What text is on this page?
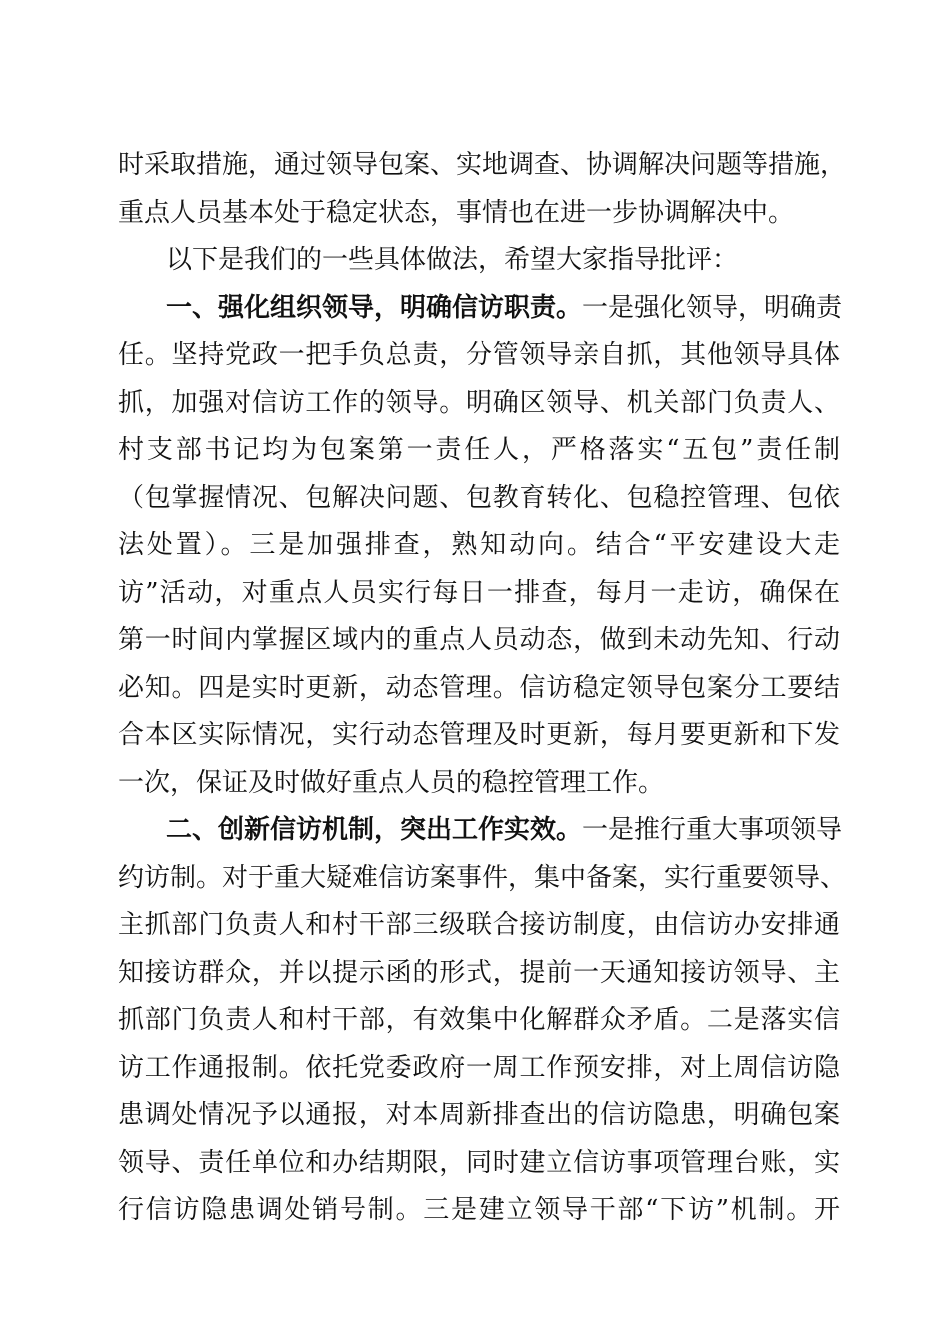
时采取措施，通过领导包案、实地调查、协调解决问题等措施，
重点人员基本处于稳定状态，事情也在进一步协调解决中。
以下是我们的一些具体做法，希望大家指导批评：
一、强化组织领导，明确信访职责。一是强化领导，明确责
任。坚持党政一把手负总责，分管领导亲自抓，其他领导具体
抓，加强对信访工作的领导。明确区领导、机关部门负责人、
村支部书记均为包案第一责任人，严格落实“五包”责任制
（包掌握情况、包解决问题、包教育转化、包稳控管理、包依
法处置）。三是加强排查，熟知动向。结合“平安建设大走
访”活动，对重点人员实行每日一排查，每月一走访，确保在
第一时间内掌握区域内的重点人员动态，做到未动先知、行动
必知。四是实时更新，动态管理。信访稳定领导包案分工要结
合本区实际情况，实行动态管理及时更新，每月要更新和下发
一次，保证及时做好重点人员的稳控管理工作。
二、创新信访机制，突出工作实效。一是推行重大事项领导
约访制。对于重大疑难信访案事件，集中备案，实行重要领导、
主抓部门负责人和村干部三级联合接访制度，由信访办安排通
知接访群众，并以提示函的形式，提前一天通知接访领导、主
抓部门负责人和村干部，有效集中化解群众矛盾。二是落实信
访工作通报制。依托党委政府一周工作预安排，对上周信访隐
患调处情况予以通报，对本周新排查出的信访隐患，明确包案
领导、责任单位和办结期限，同时建立信访事项管理台账，实
行信访隐患调处销号制。三是建立领导干部“下访”机制。开
